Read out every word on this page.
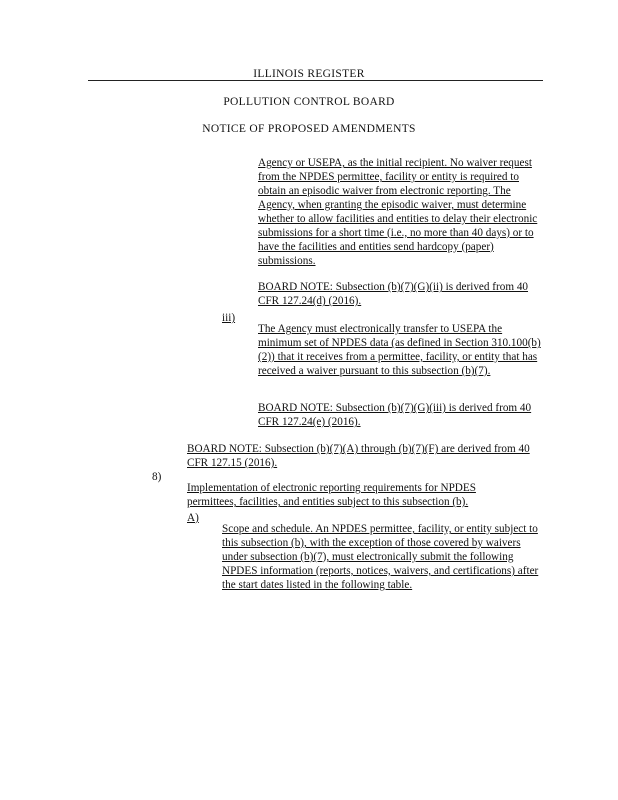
ILLINOIS REGISTER
POLLUTION CONTROL BOARD
NOTICE OF PROPOSED AMENDMENTS

Agency or USEPA, as the initial recipient. No waiver request from the NPDES permittee, facility or entity is required to obtain an episodic waiver from electronic reporting. The Agency, when granting the episodic waiver, must determine whether to allow facilities and entities to delay their electronic submissions for a short time (i.e., no more than 40 days) or to have the facilities and entities send hardcopy (paper) submissions.

BOARD NOTE: Subsection (b)(7)(G)(ii) is derived from 40 CFR 127.24(d) (2016).

iii)

The Agency must electronically transfer to USEPA the minimum set of NPDES data (as defined in Section 310.100(b)(2)) that it receives from a permittee, facility, or entity that has received a waiver pursuant to this subsection (b)(7).

BOARD NOTE: Subsection (b)(7)(G)(iii) is derived from 40 CFR 127.24(e) (2016).

BOARD NOTE: Subsection (b)(7)(A) through (b)(7)(F) are derived from 40 CFR 127.15 (2016).

8)

Implementation of electronic reporting requirements for NPDES permittees, facilities, and entities subject to this subsection (b).

A)

Scope and schedule. An NPDES permittee, facility, or entity subject to this subsection (b), with the exception of those covered by waivers under subsection (b)(7), must electronically submit the following NPDES information (reports, notices, waivers, and certifications) after the start dates listed in the following table.
